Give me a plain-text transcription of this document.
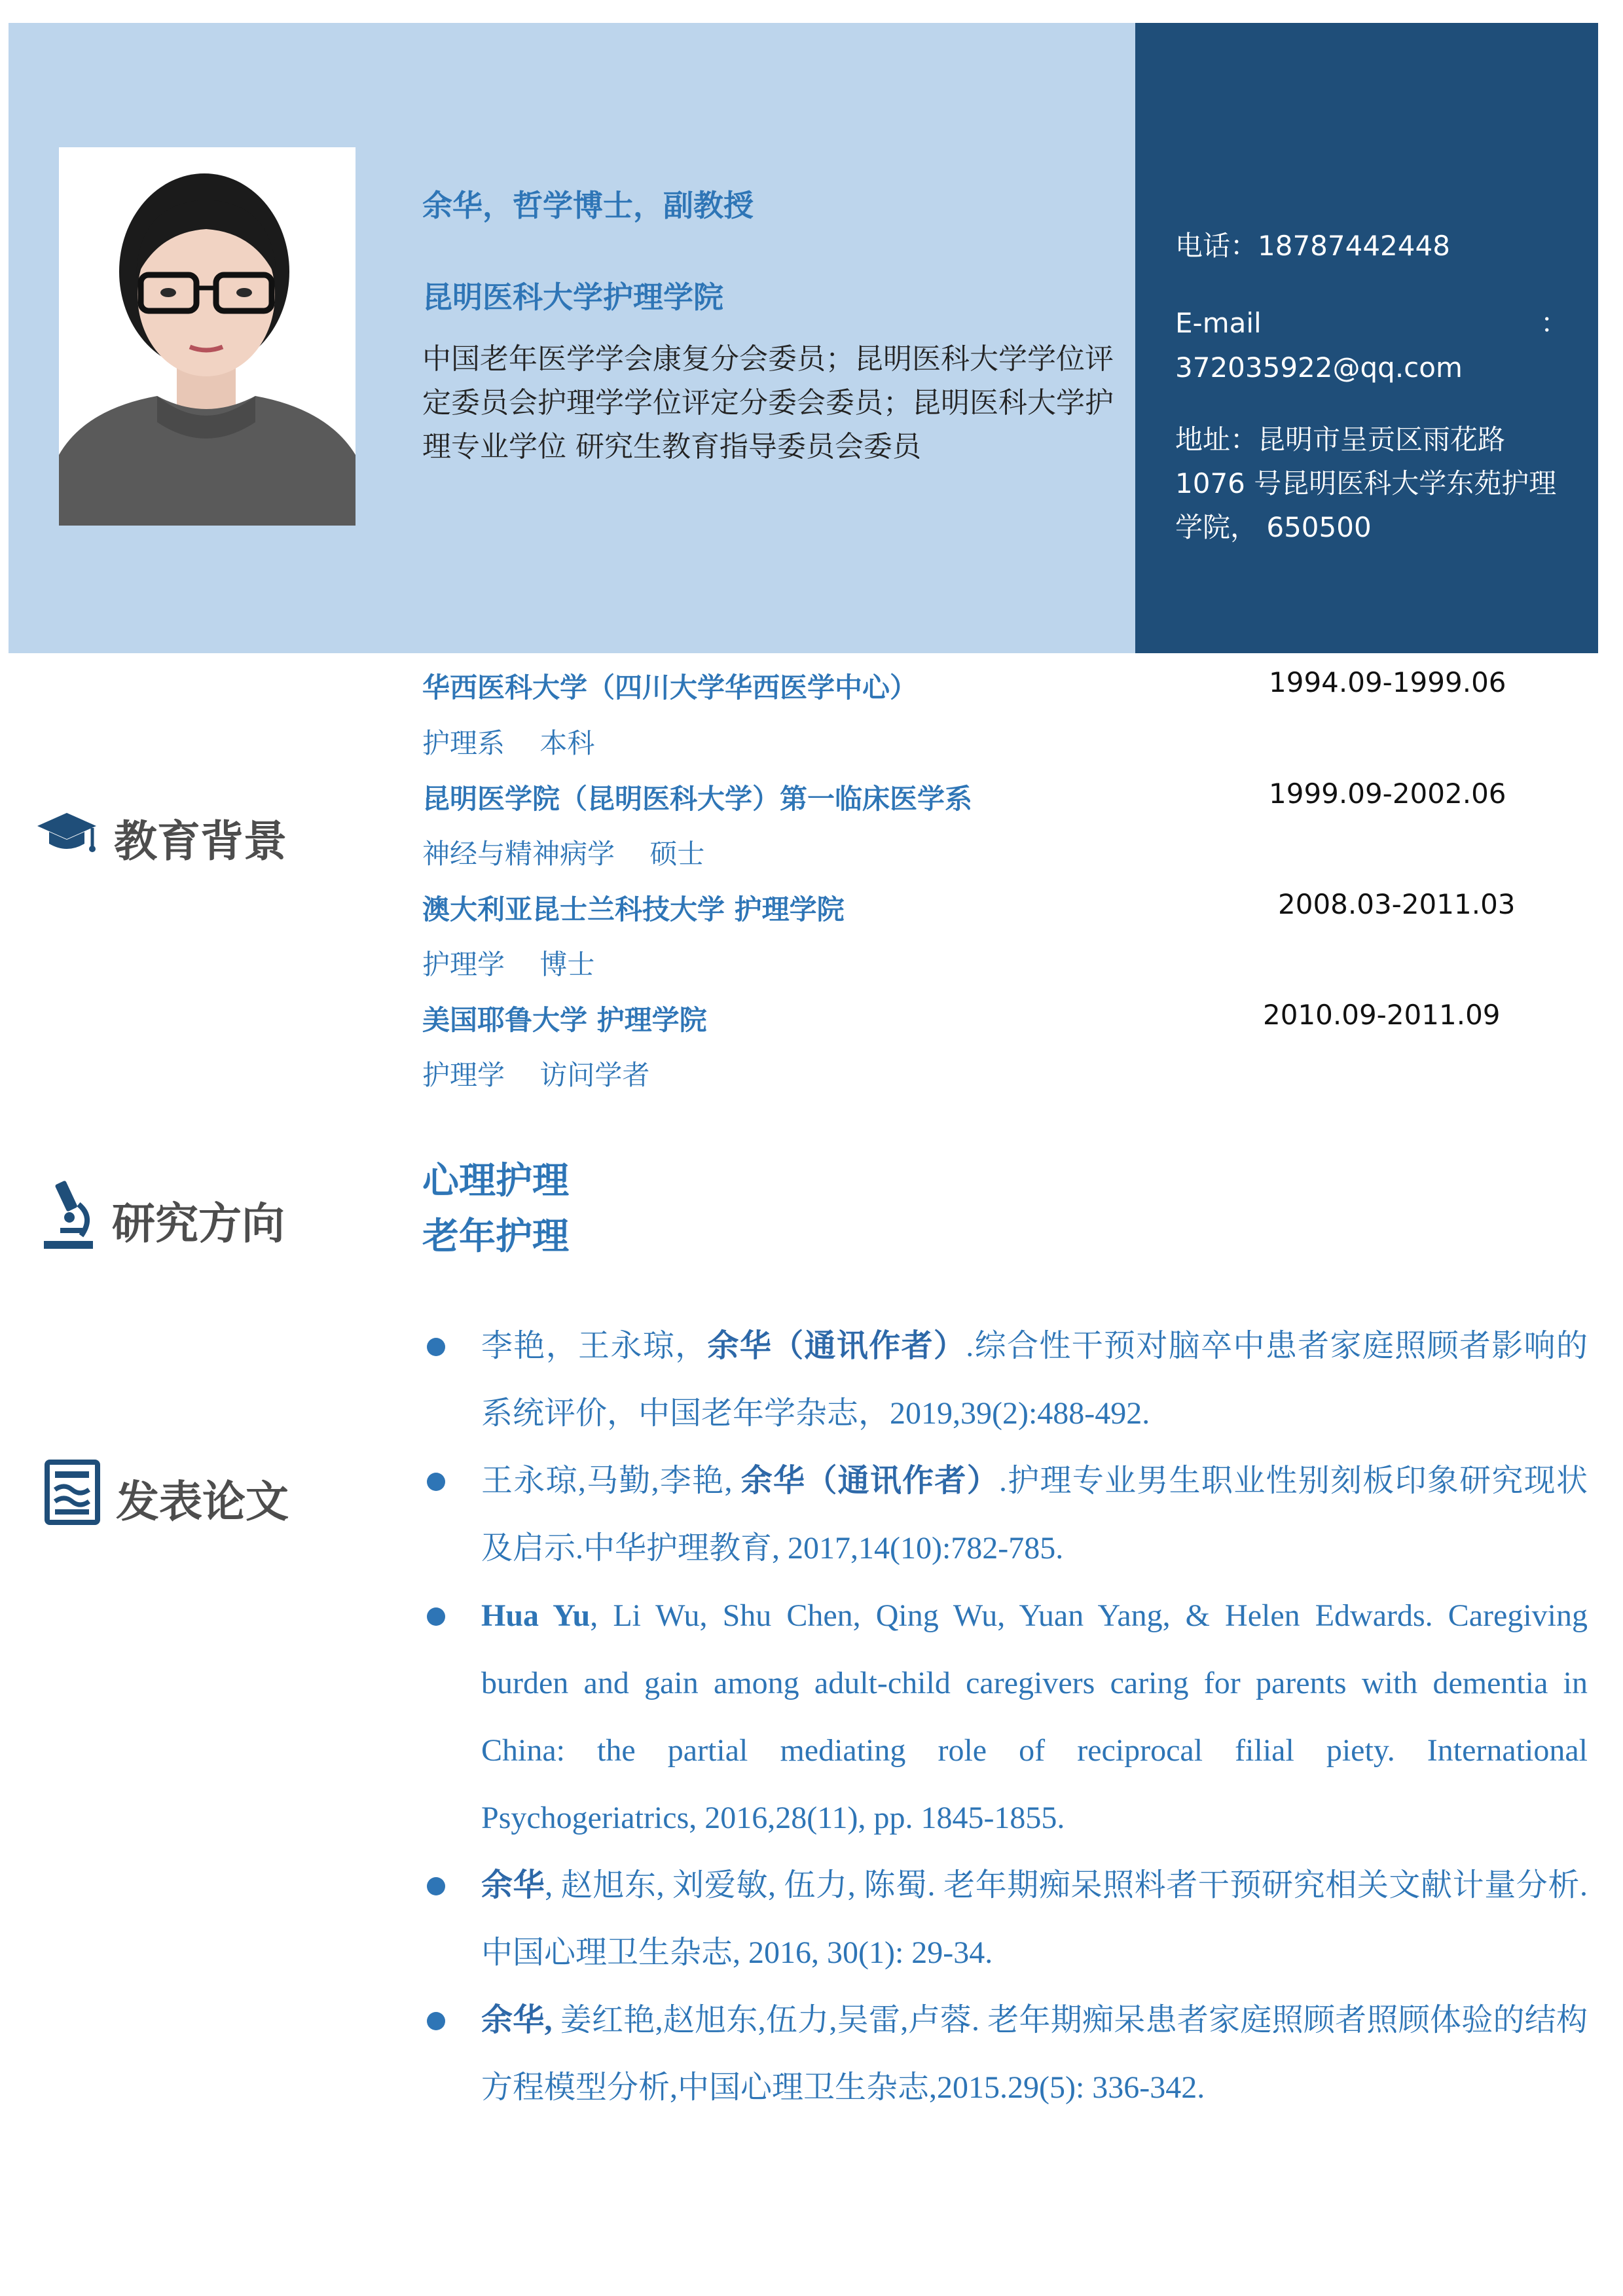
余华，哲学博士，副教授
昆明医科大学护理学院
中国老年医学学会康复分会委员；昆明医科大学学位评定委员会护理学学位评定分委会委员；昆明医科大学护理专业学位 研究生教育指导委员会委员
电话：18787442448
E-mail	：
372035922@qq.com
地址：昆明市呈贡区雨花路1076 号昆明医科大学东苑护理学院， 650500
教育背景
华西医科大学（四川大学华西医学中心）	1994.09-1999.06
护理系    本科
昆明医学院（昆明医科大学）第一临床医学系	1999.09-2002.06
神经与精神病学    硕士
澳大利亚昆士兰科技大学 护理学院	2008.03-2011.03
护理学    博士
美国耶鲁大学 护理学院	2010.09-2011.09
护理学    访问学者
研究方向
心理护理
老年护理
发表论文
李艳，王永琼，余华（通讯作者）.综合性干预对脑卒中患者家庭照顾者影响的系统评价，中国老年学杂志，2019,39(2):488-492.
王永琼,马勤,李艳, 余华（通讯作者）.护理专业男生职业性别刻板印象研究现状及启示.中华护理教育, 2017,14(10):782-785.
Hua Yu, Li Wu, Shu Chen, Qing Wu, Yuan Yang, & Helen Edwards. Caregiving burden and gain among adult-child caregivers caring for parents with dementia in China: the partial mediating role of reciprocal filial piety. International Psychogeriatrics, 2016,28(11), pp. 1845-1855.
余华, 赵旭东, 刘爱敏, 伍力, 陈蜀. 老年期痴呆照料者干预研究相关文献计量分析. 中国心理卫生杂志, 2016, 30(1): 29-34.
余华, 姜红艳,赵旭东,伍力,吴雷,卢蓉. 老年期痴呆患者家庭照顾者照顾体验的结构方程模型分析,中国心理卫生杂志,2015.29(5): 336-342.
